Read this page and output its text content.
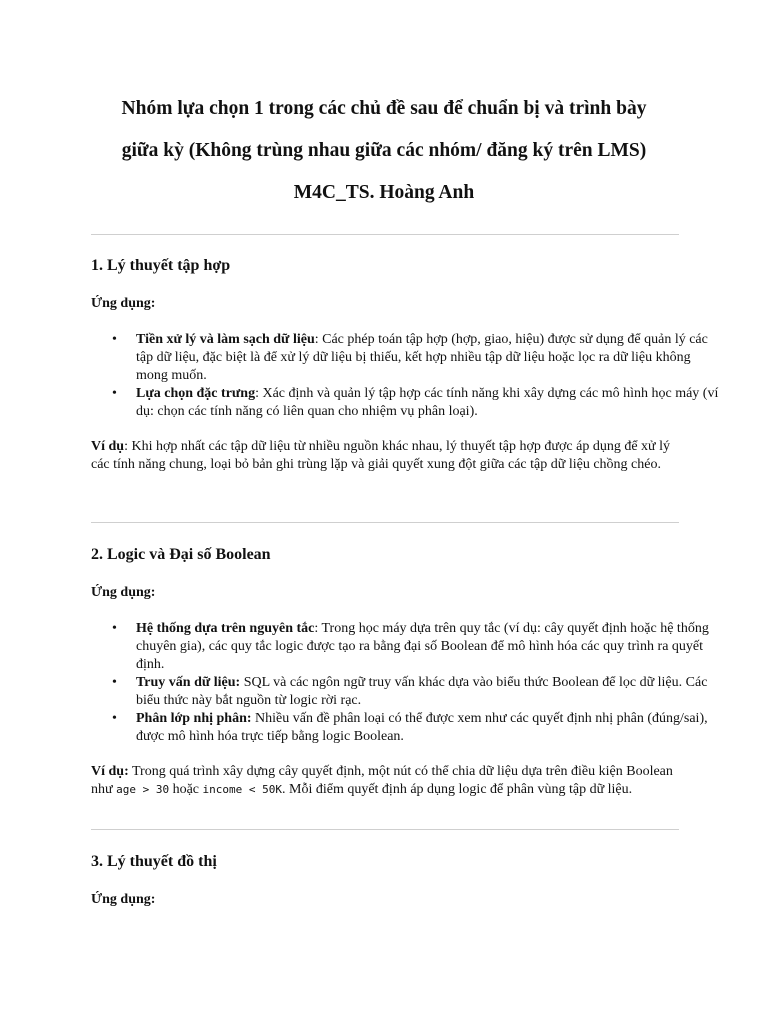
Nhóm lựa chọn 1 trong các chủ đề sau để chuẩn bị và trình bày
giữa kỳ (Không trùng nhau giữa các nhóm/ đăng ký trên LMS)
M4C_TS. Hoàng Anh
1. Lý thuyết tập hợp

Ứng dụng:

• Tiền xử lý và làm sạch dữ liệu: Các phép toán tập hợp (hợp, giao, hiệu) được sử dụng để quản lý các tập dữ liệu, đặc biệt là để xử lý dữ liệu bị thiếu, kết hợp nhiều tập dữ liệu hoặc lọc ra dữ liệu không mong muốn.
• Lựa chọn đặc trưng: Xác định và quản lý tập hợp các tính năng khi xây dựng các mô hình học máy (ví dụ: chọn các tính năng có liên quan cho nhiệm vụ phân loại).

Ví dụ: Khi hợp nhất các tập dữ liệu từ nhiều nguồn khác nhau, lý thuyết tập hợp được áp dụng để xử lý các tính năng chung, loại bỏ bản ghi trùng lặp và giải quyết xung đột giữa các tập dữ liệu chồng chéo.

2. Logic và Đại số Boolean

Ứng dụng:

• Hệ thống dựa trên nguyên tắc: Trong học máy dựa trên quy tắc (ví dụ: cây quyết định hoặc hệ thống chuyên gia), các quy tắc logic được tạo ra bằng đại số Boolean để mô hình hóa các quy trình ra quyết định.
• Truy vấn dữ liệu: SQL và các ngôn ngữ truy vấn khác dựa vào biểu thức Boolean để lọc dữ liệu. Các biểu thức này bắt nguồn từ logic rời rạc.
• Phân lớp nhị phân: Nhiều vấn đề phân loại có thể được xem như các quyết định nhị phân (đúng/sai), được mô hình hóa trực tiếp bằng logic Boolean.

Ví dụ: Trong quá trình xây dựng cây quyết định, một nút có thể chia dữ liệu dựa trên điều kiện Boolean như age > 30 hoặc income < 50K. Mỗi điểm quyết định áp dụng logic để phân vùng tập dữ liệu.

3. Lý thuyết đồ thị

Ứng dụng:
